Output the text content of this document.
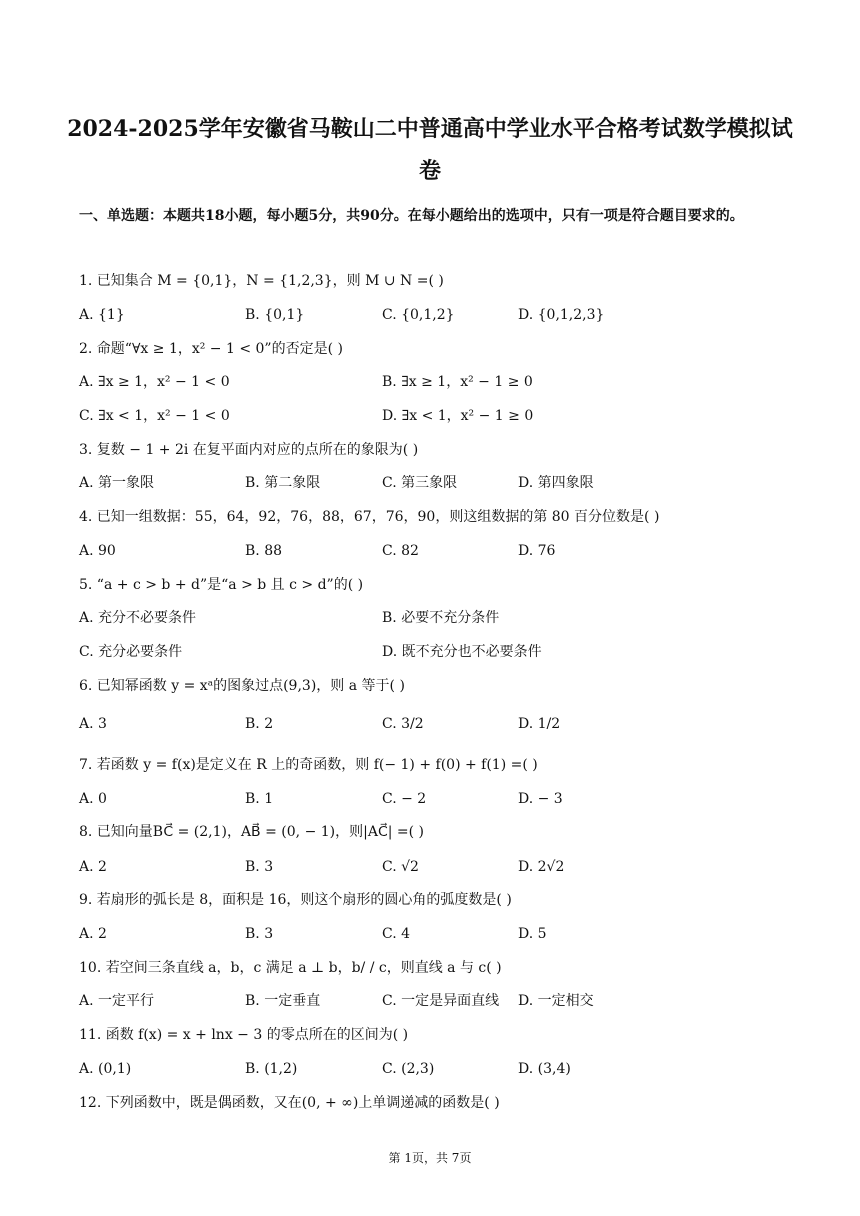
2024-2025学年安徽省马鞍山二中普通高中学业水平合格考试数学模拟试卷
一、单选题：本题共18小题，每小题5分，共90分。在每小题给出的选项中，只有一项是符合题目要求的。
1. 已知集合 M = {0,1}，N = {1,2,3}，则 M ∪ N =( )
A. {1}	B. {0,1}	C. {0,1,2}	D. {0,1,2,3}
2. 命题“∀x ≥ 1，x² − 1 < 0”的否定是( )
A. ∃x ≥ 1，x² − 1 < 0	B. ∃x ≥ 1，x² − 1 ≥ 0
C. ∃x < 1，x² − 1 < 0	D. ∃x < 1，x² − 1 ≥ 0
3. 复数 − 1 + 2i 在复平面内对应的点所在的象限为( )
A. 第一象限	B. 第二象限	C. 第三象限	D. 第四象限
4. 已知一组数据：55，64，92，76，88，67，76，90，则这组数据的第 80 百分位数是( )
A. 90	B. 88	C. 82	D. 76
5. “a + c > b + d”是“a > b 且 c > d”的( )
A. 充分不必要条件	B. 必要不充分条件
C. 充分必要条件	D. 既不充分也不必要条件
6. 已知幂函数 y = xᵃ的图象过点(9,3)，则 a 等于( )
A. 3	B. 2	C. 3/2	D. 1/2
7. 若函数 y = f(x)是定义在 R 上的奇函数，则 f(− 1) + f(0) + f(1) =( )
A. 0	B. 1	C. − 2	D. − 3
8. 已知向量BC⃗ = (2,1)，AB⃗ = (0, − 1)，则|AC⃗| =( )
A. 2	B. 3	C. √2	D. 2√2
9. 若扇形的弧长是 8，面积是 16，则这个扇形的圆心角的弧度数是( )
A. 2	B. 3	C. 4	D. 5
10. 若空间三条直线 a，b，c 满足 a ⊥ b，b/ / c，则直线 a 与 c( )
A. 一定平行	B. 一定垂直	C. 一定是异面直线 D. 一定相交
11. 函数 f(x) = x + lnx − 3 的零点所在的区间为( )
A. (0,1)	B. (1,2)	C. (2,3)	D. (3,4)
12. 下列函数中，既是偶函数，又在(0, + ∞)上单调递减的函数是( )
第 1页，共 7页
